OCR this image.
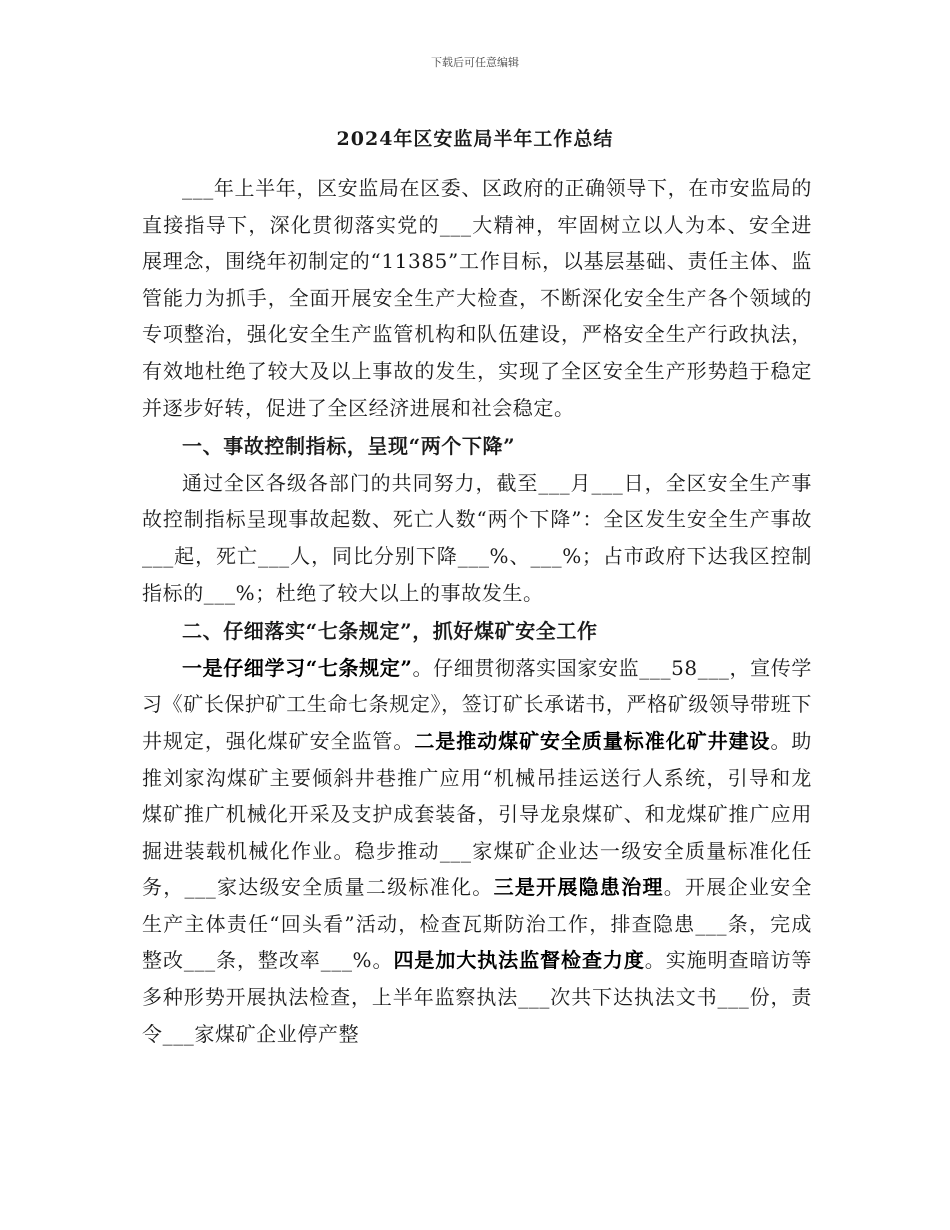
下载后可任意编辑
2024年区安监局半年工作总结

___年上半年，区安监局在区委、区政府的正确领导下，在市安监局的直接指导下，深化贯彻落实党的___大精神，牢固树立以人为本、安全进展理念，围绕年初制定的“11385”工作目标，以基层基础、责任主体、监管能力为抓手，全面开展安全生产大检查，不断深化安全生产各个领域的专项整治，强化安全生产监管机构和队伍建设，严格安全生产行政执法，有效地杜绝了较大及以上事故的发生，实现了全区安全生产形势趋于稳定并逐步好转，促进了全区经济进展和社会稳定。

一、事故控制指标，呈现“两个下降”

通过全区各级各部门的共同努力，截至___月___日，全区安全生产事故控制指标呈现事故起数、死亡人数“两个下降”：全区发生安全生产事故___起，死亡___人，同比分别下降___%、___%；占市政府下达我区控制指标的___%；杜绝了较大以上的事故发生。

二、仔细落实“七条规定”，抓好煤矿安全工作

一是仔细学习“七条规定”。仔细贯彻落实国家安监___58___，宣传学习《矿长保护矿工生命七条规定》，签订矿长承诺书，严格矿级领导带班下井规定，强化煤矿安全监管。二是推动煤矿安全质量标准化矿井建设。助推刘家沟煤矿主要倾斜井巷推广应用“机械吊挂运送行人系统，引导和龙煤矿推广机械化开采及支护成套装备，引导龙泉煤矿、和龙煤矿推广应用掘进装载机械化作业。稳步推动___家煤矿企业达一级安全质量标准化任务，___家达级安全质量二级标准化。三是开展隐患治理。开展企业安全生产主体责任“回头看”活动，检查瓦斯防治工作，排查隐患___条，完成整改___条，整改率___%。四是加大执法监督检查力度。实施明查暗访等多种形势开展执法检查，上半年监察执法___次共下达执法文书___份，责令___家煤矿企业停产整
